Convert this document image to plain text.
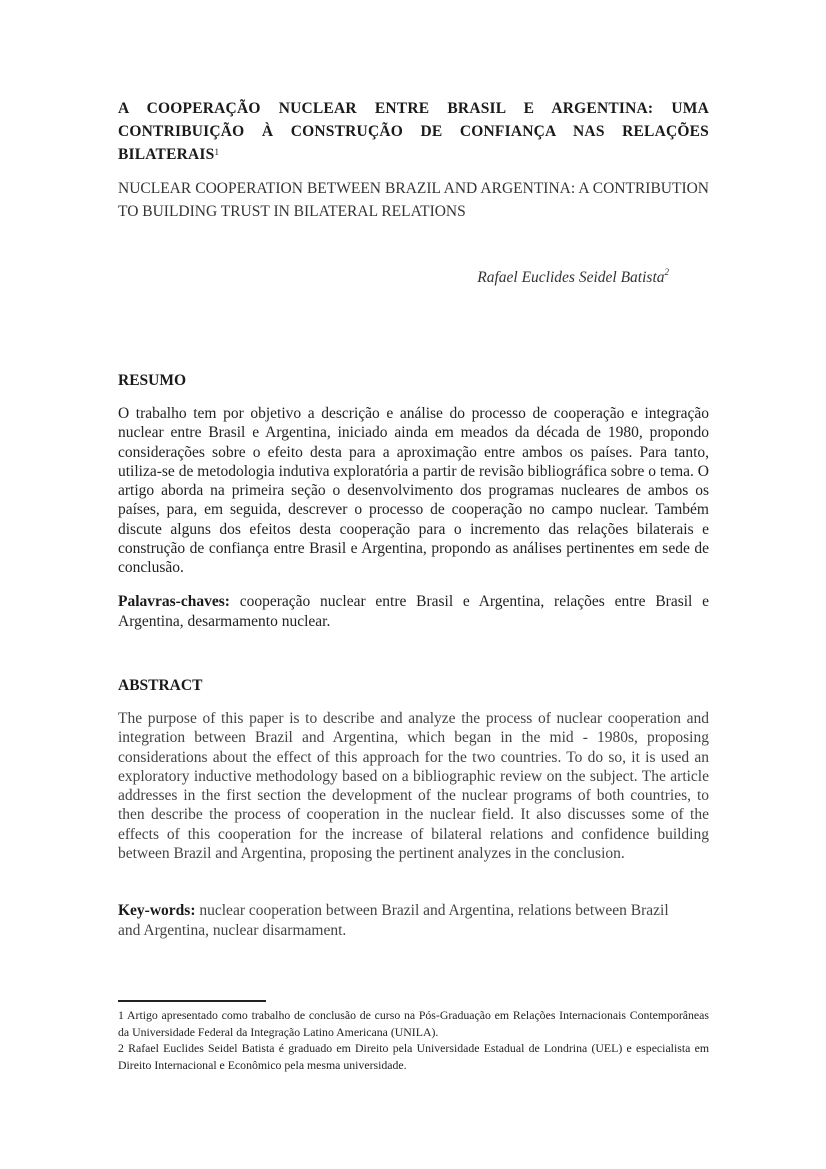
A COOPERAÇÃO NUCLEAR ENTRE BRASIL E ARGENTINA: UMA CONTRIBUIÇÃO À CONSTRUÇÃO DE CONFIANÇA NAS RELAÇÕES BILATERAIS$^1$
NUCLEAR COOPERATION BETWEEN BRAZIL AND ARGENTINA: A CONTRIBUTION TO BUILDING TRUST IN BILATERAL RELATIONS
Rafael Euclides Seidel Batista$^2$
RESUMO

O trabalho tem por objetivo a descrição e análise do processo de cooperação e integração nuclear entre Brasil e Argentina, iniciado ainda em meados da década de 1980, propondo considerações sobre o efeito desta para a aproximação entre ambos os países. Para tanto, utiliza-se de metodologia indutiva exploratória a partir de revisão bibliográfica sobre o tema. O artigo aborda na primeira seção o desenvolvimento dos programas nucleares de ambos os países, para, em seguida, descrever o processo de cooperação no campo nuclear. Também discute alguns dos efeitos desta cooperação para o incremento das relações bilaterais e construção de confiança entre Brasil e Argentina, propondo as análises pertinentes em sede de conclusão.

Palavras-chaves: cooperação nuclear entre Brasil e Argentina, relações entre Brasil e Argentina, desarmamento nuclear.

ABSTRACT

The purpose of this paper is to describe and analyze the process of nuclear cooperation and integration between Brazil and Argentina, which began in the mid - 1980s, proposing considerations about the effect of this approach for the two countries. To do so, it is used an exploratory inductive methodology based on a bibliographic review on the subject. The article addresses in the first section the development of the nuclear programs of both countries, to then describe the process of cooperation in the nuclear field. It also discusses some of the effects of this cooperation for the increase of bilateral relations and confidence building between Brazil and Argentina, proposing the pertinent analyzes in the conclusion.

Key-words: nuclear cooperation between Brazil and Argentina, relations between Brazil and Argentina, nuclear disarmament.

1 Artigo apresentado como trabalho de conclusão de curso na Pós-Graduação em Relações Internacionais Contemporâneas da Universidade Federal da Integração Latino Americana (UNILA).

2 Rafael Euclides Seidel Batista é graduado em Direito pela Universidade Estadual de Londrina (UEL) e especialista em Direito Internacional e Econômico pela mesma universidade.
